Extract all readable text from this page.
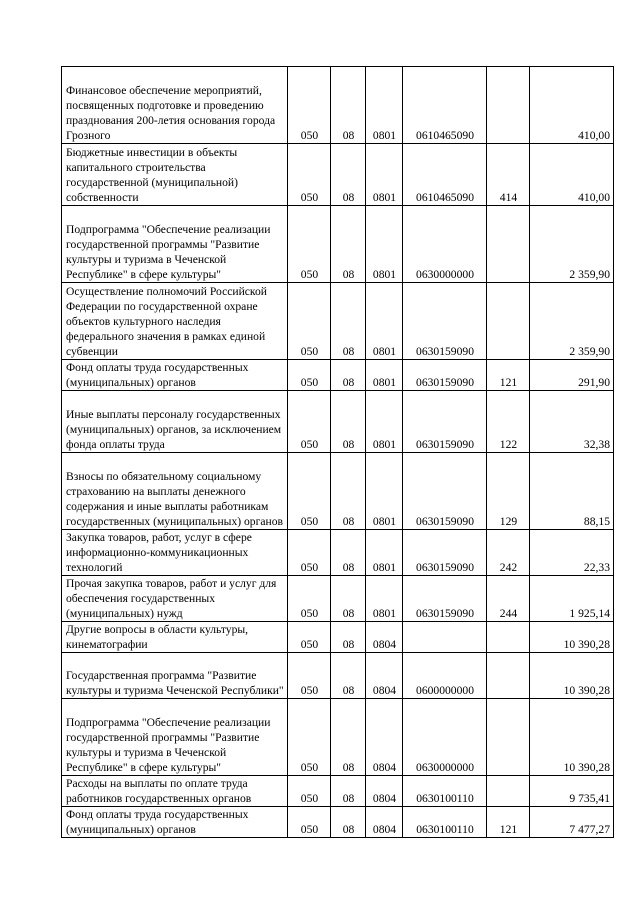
Финансовое обеспечение мероприятий, посвященных подготовке и проведению празднования 200-летия основания города Грозного	050	08	0801	0610465090		410,00
Бюджетные инвестиции в объекты капитального строительства государственной (муниципальной) собственности	050	08	0801	0610465090	414	410,00
Подпрограмма "Обеспечение реализации государственной программы "Развитие культуры и туризма в Чеченской Республике" в сфере культуры"	050	08	0801	0630000000		2 359,90
Осуществление полномочий Российской Федерации по государственной охране объектов культурного наследия федерального значения в рамках единой субвенции	050	08	0801	0630159090		2 359,90
Фонд оплаты труда государственных (муниципальных) органов	050	08	0801	0630159090	121	291,90
Иные выплаты персоналу государственных (муниципальных) органов, за исключением фонда оплаты труда	050	08	0801	0630159090	122	32,38
Взносы по обязательному социальному страхованию на выплаты денежного содержания и иные выплаты работникам государственных (муниципальных) органов	050	08	0801	0630159090	129	88,15
Закупка товаров, работ, услуг в сфере информационно-коммуникационных технологий	050	08	0801	0630159090	242	22,33
Прочая закупка товаров, работ и услуг для обеспечения государственных (муниципальных) нужд	050	08	0801	0630159090	244	1 925,14
Другие вопросы в области культуры, кинематографии	050	08	0804			10 390,28
Государственная программа "Развитие культуры и туризма Чеченской Республики"	050	08	0804	0600000000		10 390,28
Подпрограмма "Обеспечение реализации государственной программы "Развитие культуры и туризма в Чеченской Республике" в сфере культуры"	050	08	0804	0630000000		10 390,28
Расходы на выплаты по оплате труда работников государственных органов	050	08	0804	0630100110		9 735,41
Фонд оплаты труда государственных (муниципальных) органов	050	08	0804	0630100110	121	7 477,27
